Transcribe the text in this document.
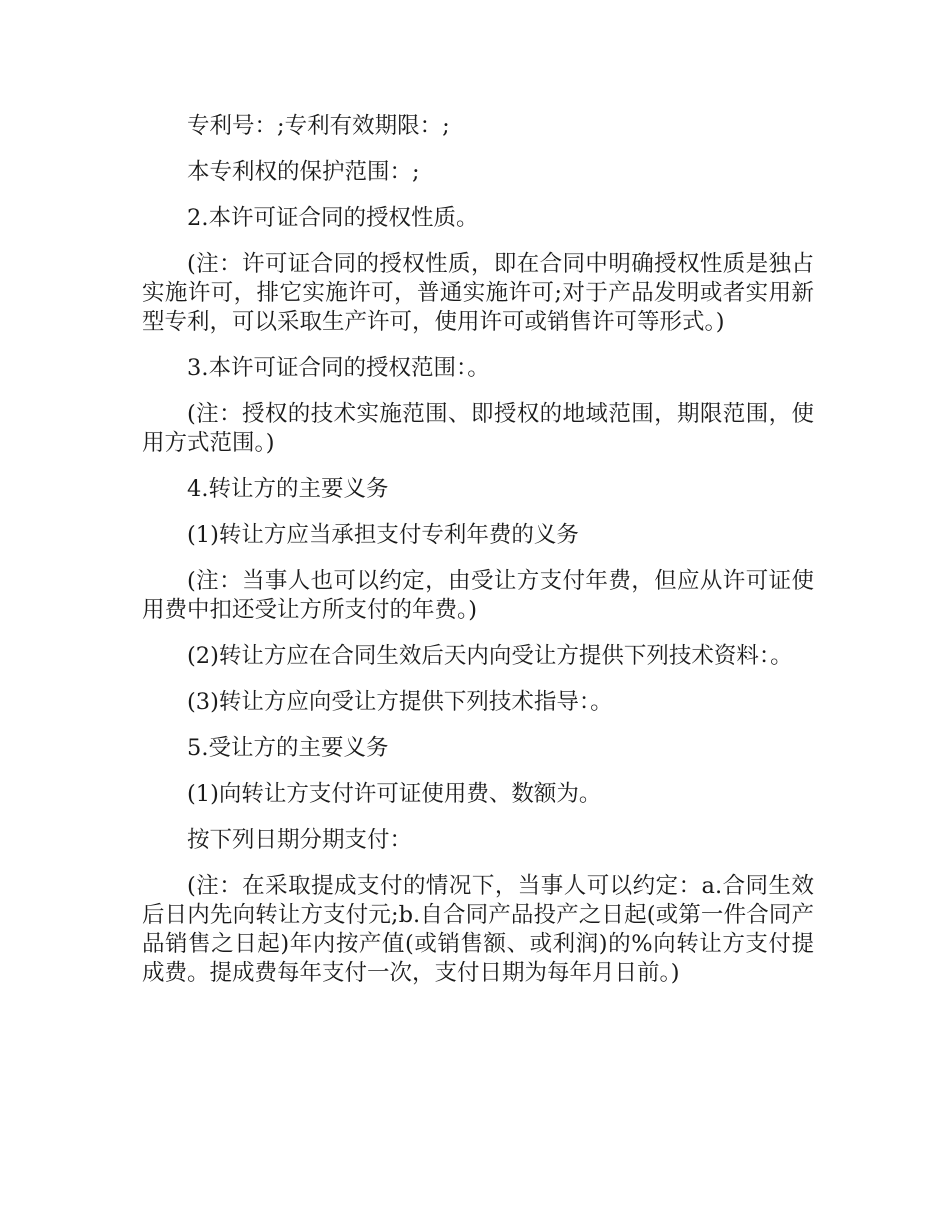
专利号：;专利有效期限：;

本专利权的保护范围：;

2.本许可证合同的授权性质。

(注：许可证合同的授权性质，即在合同中明确授权性质是独占实施许可，排它实施许可，普通实施许可;对于产品发明或者实用新型专利，可以采取生产许可，使用许可或销售许可等形式。)

3.本许可证合同的授权范围：。

(注：授权的技术实施范围、即授权的地域范围，期限范围，使用方式范围。)

4.转让方的主要义务

(1)转让方应当承担支付专利年费的义务

(注：当事人也可以约定，由受让方支付年费，但应从许可证使用费中扣还受让方所支付的年费。)

(2)转让方应在合同生效后天内向受让方提供下列技术资料：。

(3)转让方应向受让方提供下列技术指导：。

5.受让方的主要义务

(1)向转让方支付许可证使用费、数额为。

按下列日期分期支付：

(注：在采取提成支付的情况下，当事人可以约定：a.合同生效后日内先向转让方支付元;b.自合同产品投产之日起(或第一件合同产品销售之日起)年内按产值(或销售额、或利润)的%向转让方支付提成费。提成费每年支付一次，支付日期为每年月日前。)
